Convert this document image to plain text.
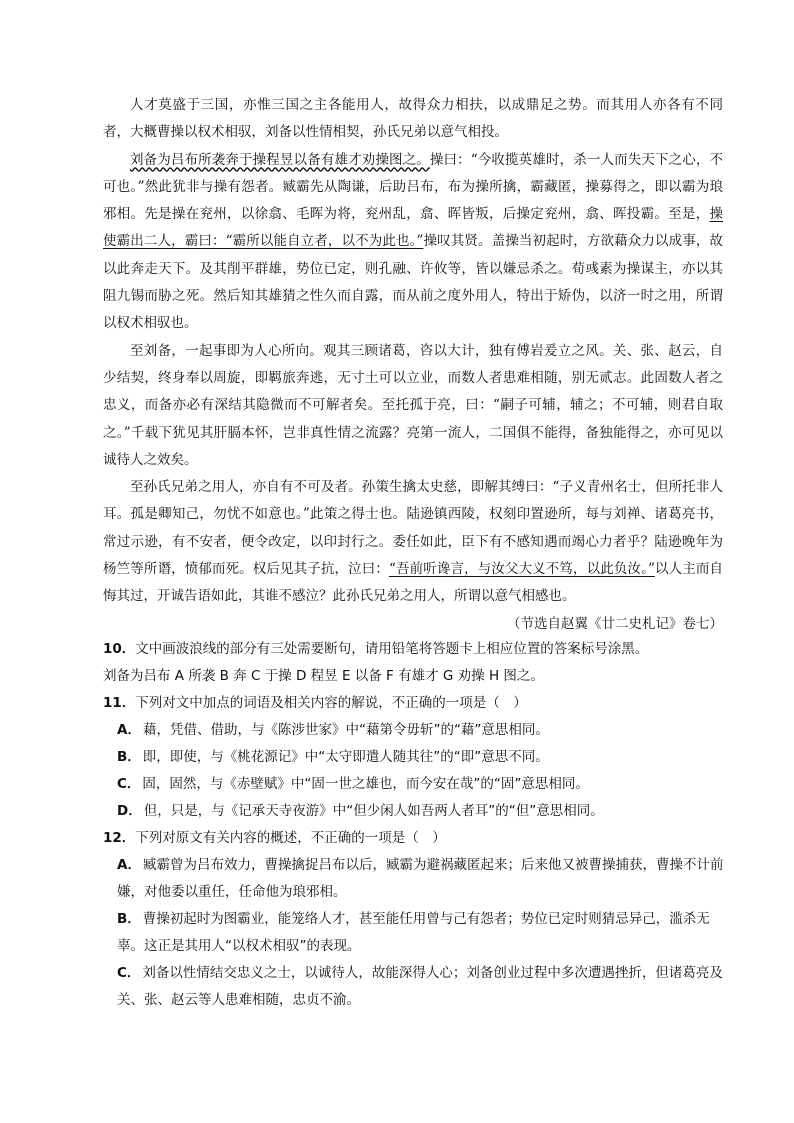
人才莫盛于三国，亦惟三国之主各能用人，故得众力相扶，以成鼎足之势。而其用人亦各有不同者，大概曹操以权术相驭，刘备以性情相契，孙氏兄弟以意气相投。

刘备为吕布所袭奔于操程昱以备有雄才劝操图之。操曰：“今收揽英雄时，杀一人而失天下之心，不可也。”然此犹非与操有怨者。臧霸先从陶谦，后助吕布，布为操所擒，霸藏匿，操募得之，即以霸为琅邪相。先是操在兖州，以徐翕、毛晖为将，兖州乱，翕、晖皆叛，后操定兖州，翕、晖投霸。至是，操使霸出二人，霸曰：“霸所以能自立者，以不为此也。”操叹其贤。盖操当初起时，方欲藉众力以成事，故以此奔走天下。及其削平群雄，势位已定，则孔融、许攸等，皆以嫌忌杀之。荀彧素为操谋主，亦以其阻九锡而胁之死。然后知其雄猜之性久而自露，而从前之度外用人，特出于矫伪，以济一时之用，所谓以权术相驭也。

至刘备，一起事即为人心所向。观其三顾诸葛，咨以大计，独有傅岩爰立之风。关、张、赵云，自少结契，终身奉以周旋，即羁旅奔逃，无寸土可以立业，而数人者患难相随，别无贰志。此固数人者之忠义，而备亦必有深结其隐微而不可解者矣。至托孤于亮，曰：“嗣子可辅，辅之；不可辅，则君自取之。”千载下犹见其肝膈本怀，岂非真性情之流露？亮第一流人，二国俱不能得，备独能得之，亦可见以诚待人之效矣。

至孙氏兄弟之用人，亦自有不可及者。孙策生擒太史慈，即解其缚曰：“子义青州名士，但所托非人耳。孤是卿知己，勿忧不如意也。”此策之得士也。陆逊镇西陵，权刻印置逊所，每与刘禅、诸葛亮书，常过示逊，有不安者，便令改定，以印封行之。委任如此，臣下有不感知遇而竭心力者乎？陆逊晚年为杨竺等所谮，愤郁而死。权后见其子抗，泣曰：“吾前听谗言，与汝父大义不笃，以此负汝。”以人主而自悔其过，开诚告语如此，其谁不感泣？此孙氏兄弟之用人，所谓以意气相感也。

（节选自赵翼《廿二史札记》卷七）

10．文中画波浪线的部分有三处需要断句，请用铅笔将答题卡上相应位置的答案标号涂黑。

刘备为吕布 A 所袭 B 奔 C 于操 D 程昱 E 以备 F 有雄才 G 劝操 H 图之。

11．下列对文中加点的词语及相关内容的解说，不正确的一项是（　）

A． 藉，凭借、借助，与《陈涉世家》中“藉第令毋斩”的“藉”意思相同。

B． 即，即使，与《桃花源记》中“太守即遣人随其往”的“即”意思不同。

C． 固，固然，与《赤壁赋》中“固一世之雄也，而今安在哉”的“固”意思相同。

D． 但，只是，与《记承天寺夜游》中“但少闲人如吾两人者耳”的“但”意思相同。

12．下列对原文有关内容的概述，不正确的一项是（　）

A． 臧霸曾为吕布效力，曹操擒捉吕布以后，臧霸为避祸藏匿起来；后来他又被曹操捕获，曹操不计前嫌，对他委以重任，任命他为琅邪相。

B． 曹操初起时为图霸业，能笼络人才，甚至能任用曾与己有怨者；势位已定时则猜忌异己，滥杀无辜。这正是其用人“以权术相驭”的表现。

C． 刘备以性情结交忠义之士，以诚待人，故能深得人心；刘备创业过程中多次遭遇挫折，但诸葛亮及关、张、赵云等人患难相随，忠贞不渝。
